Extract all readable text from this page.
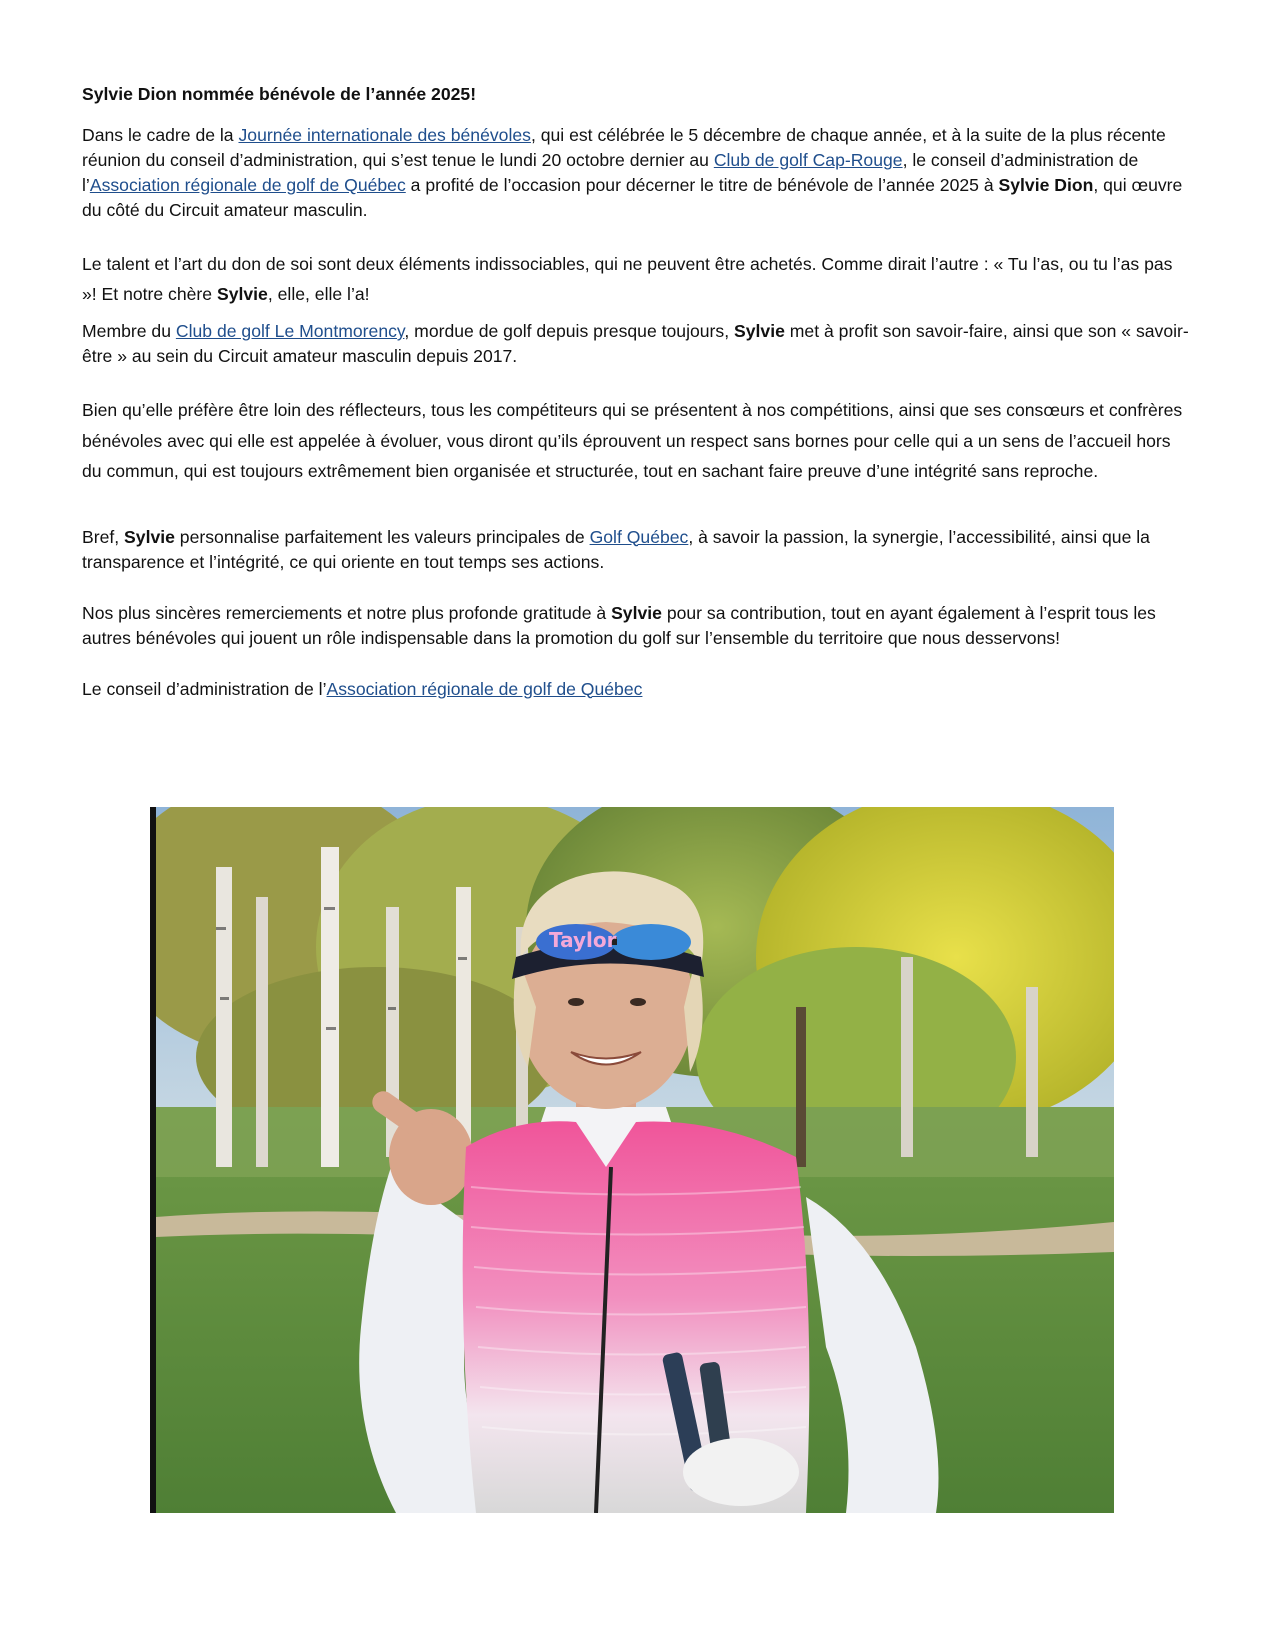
Sylvie Dion nommée bénévole de l’année 2025!

Dans le cadre de la Journée internationale des bénévoles, qui est célébrée le 5 décembre de chaque année, et à la suite de la plus récente réunion du conseil d’administration, qui s’est tenue le lundi 20 octobre dernier au Club de golf Cap-Rouge, le conseil d’administration de l’Association régionale de golf de Québec a profité de l’occasion pour décerner le titre de bénévole de l’année 2025 à Sylvie Dion, qui œuvre du côté du Circuit amateur masculin.

Le talent et l’art du don de soi sont deux éléments indissociables, qui ne peuvent être achetés. Comme dirait l’autre : « Tu l’as, ou tu l’as pas »! Et notre chère Sylvie, elle, elle l’a!

Membre du Club de golf Le Montmorency, mordue de golf depuis presque toujours, Sylvie met à profit son savoir-faire, ainsi que son « savoir-être » au sein du Circuit amateur masculin depuis 2017.

Bien qu’elle préfère être loin des réflecteurs, tous les compétiteurs qui se présentent à nos compétitions, ainsi que ses consœurs et confrères bénévoles avec qui elle est appelée à évoluer, vous diront qu’ils éprouvent un respect sans bornes pour celle qui a un sens de l’accueil hors du commun, qui est toujours extrêmement bien organisée et structurée, tout en sachant faire preuve d’une intégrité sans reproche.

Bref, Sylvie personnalise parfaitement les valeurs principales de Golf Québec, à savoir la passion, la synergie, l’accessibilité, ainsi que la transparence et l’intégrité, ce qui oriente en tout temps ses actions.

Nos plus sincères remerciements et notre plus profonde gratitude à Sylvie pour sa contribution, tout en ayant également à l’esprit tous les autres bénévoles qui jouent un rôle indispensable dans la promotion du golf sur l’ensemble du territoire que nous desservons!

Le conseil d’administration de l’Association régionale de golf de Québec

Taylor
